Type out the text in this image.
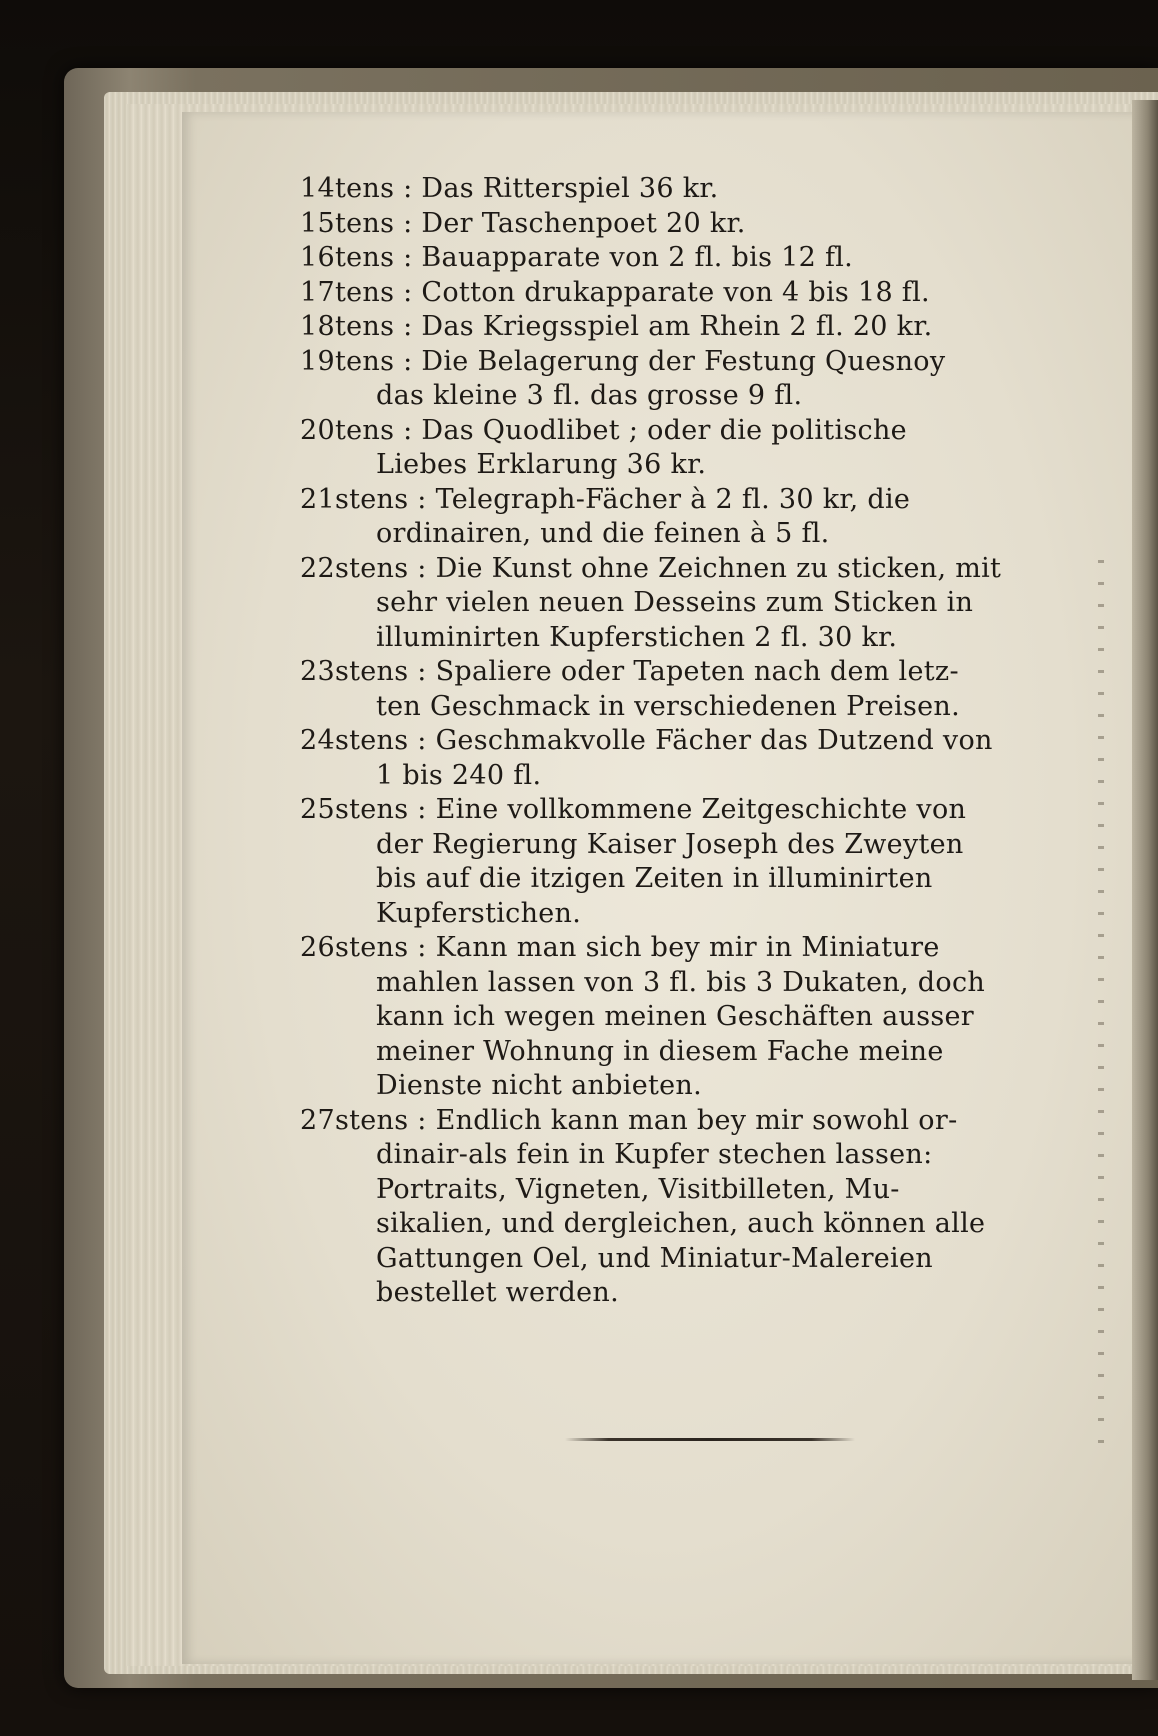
14tens : Das Ritterspiel 36 kr.
15tens : Der Taschenpoet 20 kr.
16tens : Bauapparate von 2 fl. bis 12 fl.
17tens : Cotton drukapparate von 4 bis 18 fl.
18tens : Das Kriegsspiel am Rhein 2 fl. 20 kr.
19tens : Die Belagerung der Festung Quesnoy
das kleine 3 fl. das grosse 9 fl.
20tens : Das Quodlibet ; oder die politische
Liebes Erklarung 36 kr.
21stens : Telegraph-Fächer à 2 fl. 30 kr, die
ordinairen, und die feinen à 5 fl.
22stens : Die Kunst ohne Zeichnen zu sticken, mit
sehr vielen neuen Desseins zum Sticken in
illuminirten Kupferstichen 2 fl. 30 kr.
23stens : Spaliere oder Tapeten nach dem letz-
ten Geschmack in verschiedenen Preisen.
24stens : Geschmakvolle Fächer das Dutzend von
1 bis 240 fl.
25stens : Eine vollkommene Zeitgeschichte von
der Regierung Kaiser Joseph des Zweyten
bis auf die itzigen Zeiten in illuminirten
Kupferstichen.
26stens : Kann man sich bey mir in Miniature
mahlen lassen von 3 fl. bis 3 Dukaten, doch
kann ich wegen meinen Geschäften ausser
meiner Wohnung in diesem Fache meine
Dienste nicht anbieten.
27stens : Endlich kann man bey mir sowohl or-
dinair-als fein in Kupfer stechen lassen:
Portraits, Vigneten, Visitbilleten, Mu-
sikalien, und dergleichen, auch können alle
Gattungen Oel, und Miniatur-Malereien
bestellet werden.
